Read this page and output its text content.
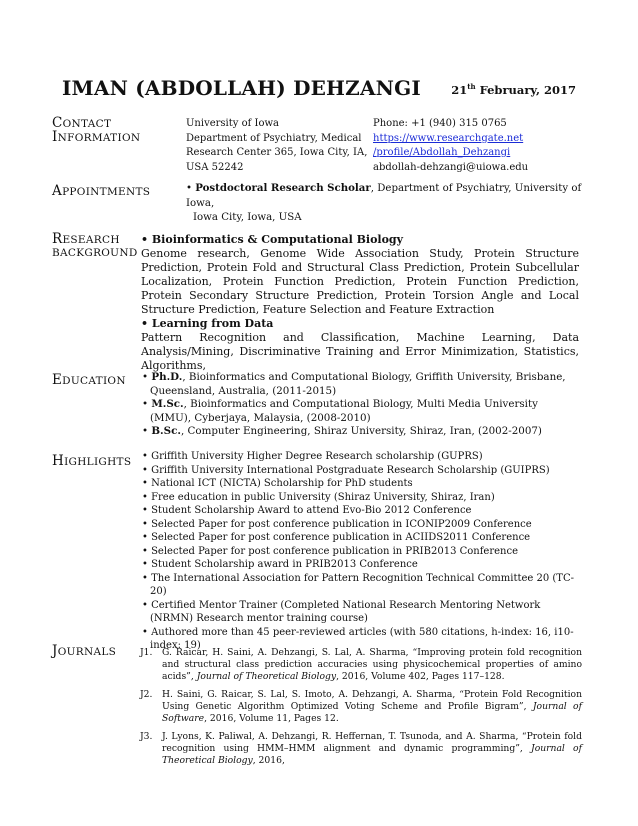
IMAN (ABDOLLAH) DEHZANGI	21th February, 2017
CONTACT
INFORMATION
University of Iowa
Department of Psychiatry, Medical
Research Center 365, Iowa City, IA,
USA 52242
Phone: +1 (940) 315 0765
https://www.researchgate.net
/profile/Abdollah_Dehzangi
abdollah-dehzangi@uiowa.edu
APPOINTMENTS	• Postdoctoral Research Scholar, Department of Psychiatry, University of Iowa,
Iowa City, Iowa, USA
RESEARCH
BACKGROUND
• Bioinformatics & Computational Biology
Genome research, Genome Wide Association Study, Protein Structure Prediction, Protein Fold and Structural Class Prediction, Protein Subcellular Localization, Protein Function Prediction, Protein Function Prediction, Protein Secondary Structure Prediction, Protein Torsion Angle and Local Structure Prediction, Feature Selection and Feature Extraction
• Learning from Data
Pattern Recognition and Classification, Machine Learning, Data Analysis/Mining, Discriminative Training and Error Minimization, Statistics, Algorithms,
EDUCATION	• Ph.D., Bioinformatics and Computational Biology, Griffith University, Brisbane, Queensland, Australia, (2011-2015)
• M.Sc., Bioinformatics and Computational Biology, Multi Media University (MMU), Cyberjaya, Malaysia, (2008-2010)
• B.Sc., Computer Engineering, Shiraz University, Shiraz, Iran, (2002-2007)
HIGHLIGHTS	• Griffith University Higher Degree Research scholarship (GUPRS)
• Griffith University International Postgraduate Research Scholarship (GUIPRS)
• National ICT (NICTA) Scholarship for PhD students
• Free education in public University (Shiraz University, Shiraz, Iran)
• Student Scholarship Award to attend Evo-Bio 2012 Conference
• Selected Paper for post conference publication in ICONIP2009 Conference
• Selected Paper for post conference publication in ACIIDS2011 Conference
• Selected Paper for post conference publication in PRIB2013 Conference
• Student Scholarship award in PRIB2013 Conference
• The International Association for Pattern Recognition Technical Committee 20 (TC-20)
• Certified Mentor Trainer (Completed National Research Mentoring Network (NRMN) Research mentor training course)
• Authored more than 45 peer-reviewed articles (with 580 citations, h-index: 16, i10-index: 19)
JOURNALS	J1. G. Raicar, H. Saini, A. Dehzangi, S. Lal, A. Sharma, “Improving protein fold recognition and structural class prediction accuracies using physicochemical properties of amino acids”, Journal of Theoretical Biology, 2016, Volume 402, Pages 117–128.
J2. H. Saini, G. Raicar, S. Lal, S. Imoto, A. Dehzangi, A. Sharma, “Protein Fold Recognition Using Genetic Algorithm Optimized Voting Scheme and Profile Bigram”, Journal of Software, 2016, Volume 11, Pages 12.
J3. J. Lyons, K. Paliwal, A. Dehzangi, R. Heffernan, T. Tsunoda, and A. Sharma, “Protein fold recognition using HMM–HMM alignment and dynamic programming”, Journal of Theoretical Biology, 2016,
